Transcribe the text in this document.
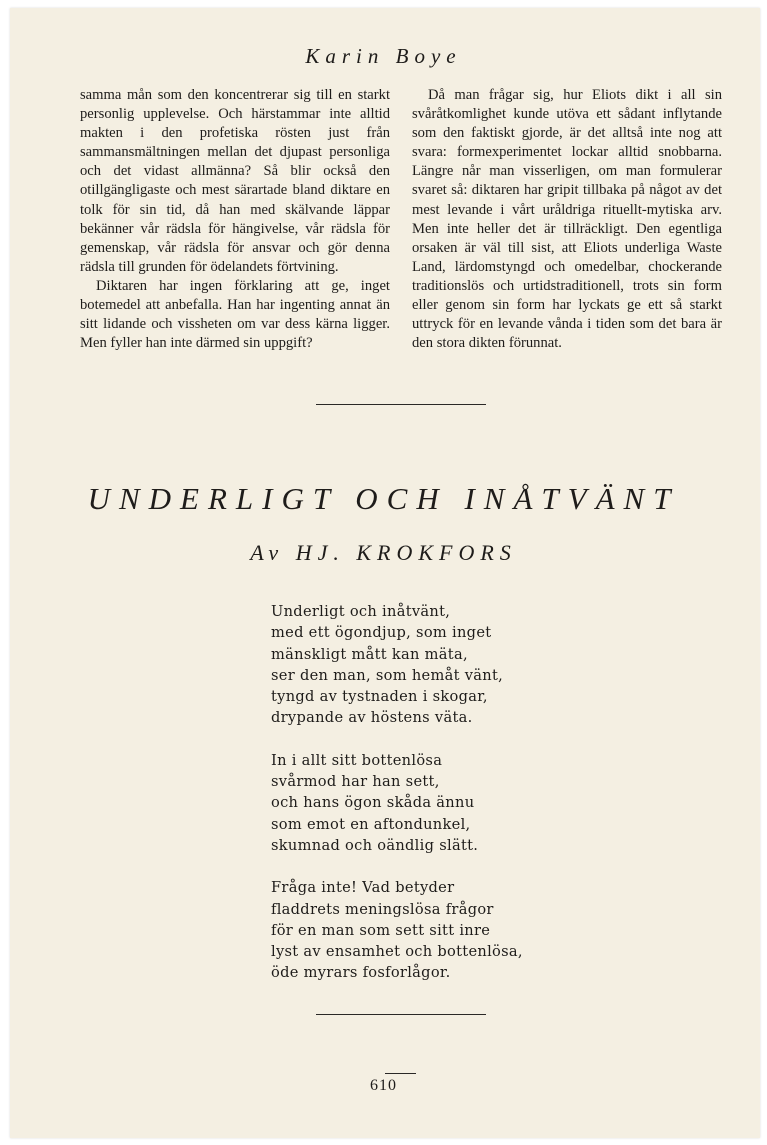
Karin Boye

samma mån som den koncentrerar sig till en starkt personlig upplevelse. Och härstammar inte alltid makten i den profetiska rösten just från sammansmältningen mellan det djupast personliga och det vidast allmänna? Så blir också den otillgängligaste och mest särartade bland diktare en tolk för sin tid, då han med skälvande läppar bekänner vår rädsla för hängivelse, vår rädsla för gemenskap, vår rädsla för ansvar och gör denna rädsla till grunden för ödelandets förtvining.

Diktaren har ingen förklaring att ge, inget botemedel att anbefalla. Han har ingenting annat än sitt lidande och vissheten om var dess kärna ligger. Men fyller han inte därmed sin uppgift?

Då man frågar sig, hur Eliots dikt i all sin svåråtkomlighet kunde utöva ett sådant inflytande som den faktiskt gjorde, är det alltså inte nog att svara: formexperimentet lockar alltid snobbarna. Längre når man visserligen, om man formulerar svaret så: diktaren har gripit tillbaka på något av det mest levande i vårt uråldriga rituellt-mytiska arv. Men inte heller det är tillräckligt. Den egentliga orsaken är väl till sist, att Eliots underliga Waste Land, lärdomstyngd och omedelbar, chockerande traditionslös och urtidstraditionell, trots sin form eller genom sin form har lyckats ge ett så starkt uttryck för en levande vånda i tiden som det bara är den stora dikten förunnat.

UNDERLIGT OCH INÅTVÄNT
Av HJ. KROKFORS
Underligt och inåtvänt,
med ett ögondjup, som inget
mänskligt mått kan mäta,
ser den man, som hemåt vänt,
tyngd av tystnaden i skogar,
drypande av höstens väta.
In i allt sitt bottenlösa
svårmod har han sett,
och hans ögon skåda ännu
som emot en aftondunkel,
skumnad och oändlig slätt.
Fråga inte! Vad betyder
fladdrets meningslösa frågor
för en man som sett sitt inre
lyst av ensamhet och bottenlösa,
öde myrars fosforlågor.
610
